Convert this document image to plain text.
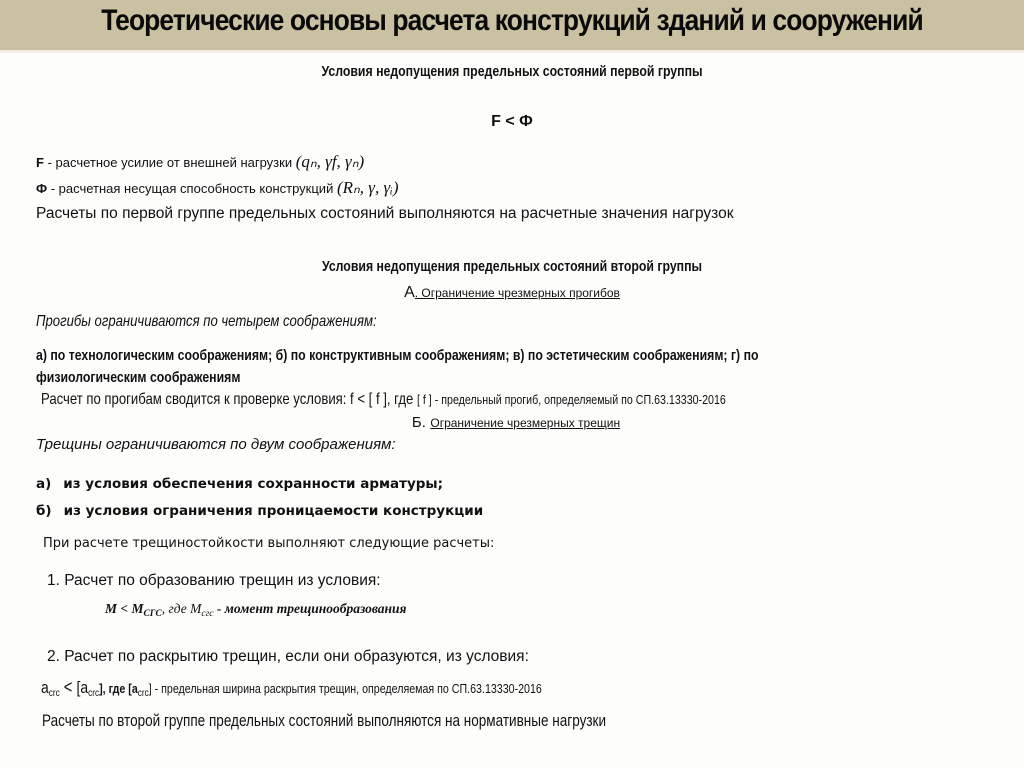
Теоретические основы расчета конструкций зданий и сооружений
Условия недопущения предельных состояний первой группы
F < Ф
F - расчетное усилие от внешней нагрузки (qₙ, γf, γₙ)
Ф - расчетная несущая способность конструкций (Rₙ, γ, γᵢ)
Расчеты по первой группе предельных состояний выполняются на расчетные значения нагрузок
Условия недопущения предельных состояний второй группы
А. Ограничение чрезмерных прогибов
Прогибы ограничиваются по четырем соображениям:
а) по технологическим соображениям; б) по конструктивным соображениям; в) по эстетическим соображениям; г) по
физиологическим соображениям
Расчет по прогибам сводится к проверке условия: f < [ f ], где [ f ] - предельный прогиб, определяемый по СП.63.13330-2016
Б. Ограничение чрезмерных трещин
Трещины ограничиваются по двум соображениям:
а) из условия обеспечения сохранности арматуры;
б) из условия ограничения проницаемости конструкции
При расчете трещиностойкости выполняют следующие расчеты:
1. Расчет по образованию трещин из условия:
$M < M_{CГC}$, где $M_{cгc}$ - момент трещинообразования
2. Расчет по раскрытию трещин, если они образуются, из условия:
$a_{crc} < [a_{crc}]$, где $[a_{crc}]$ - предельная ширина раскрытия трещин, определяемая по СП.63.13330-2016
Расчеты по второй группе предельных состояний выполняются на нормативные нагрузки
